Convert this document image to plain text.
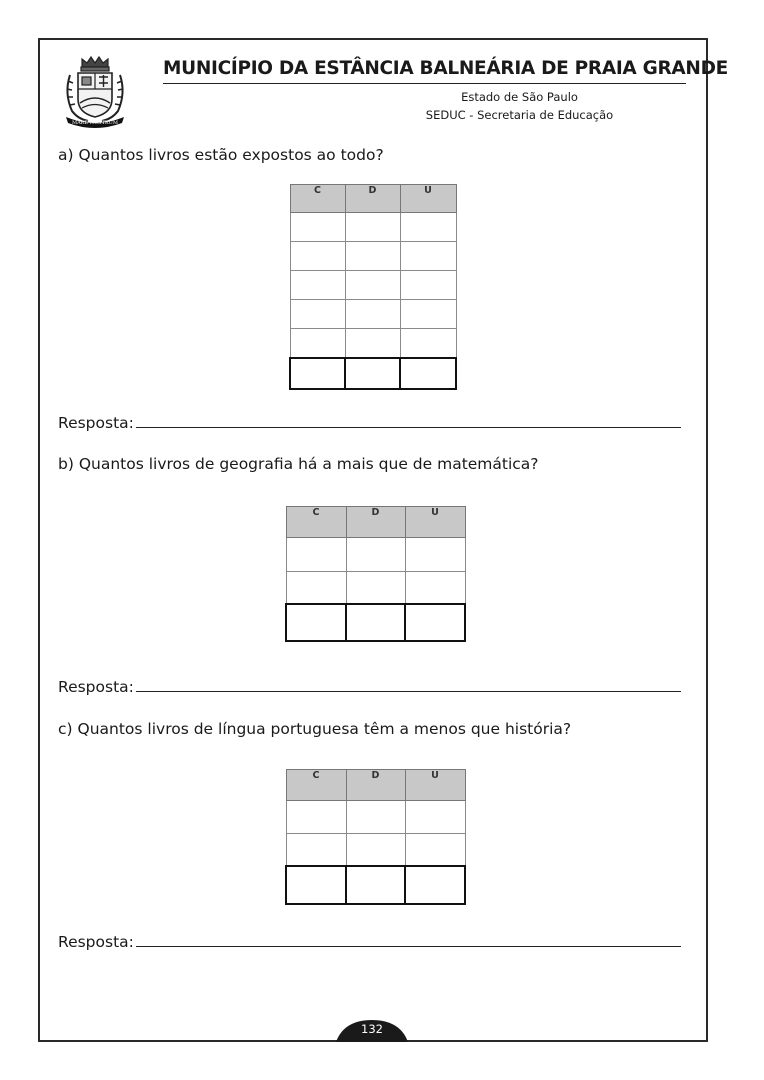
MARE NOSTRUM
MUNICÍPIO DA ESTÂNCIA BALNEÁRIA DE PRAIA GRANDE
Estado de São Paulo
SEDUC - Secretaria de Educação
a) Quantos livros estão expostos ao todo?
C	D	U

Resposta:
b) Quantos livros de geografia há a mais que de matemática?
C	D	U

Resposta:
c) Quantos livros de língua portuguesa têm a menos que história?
C	D	U

Resposta:
132
